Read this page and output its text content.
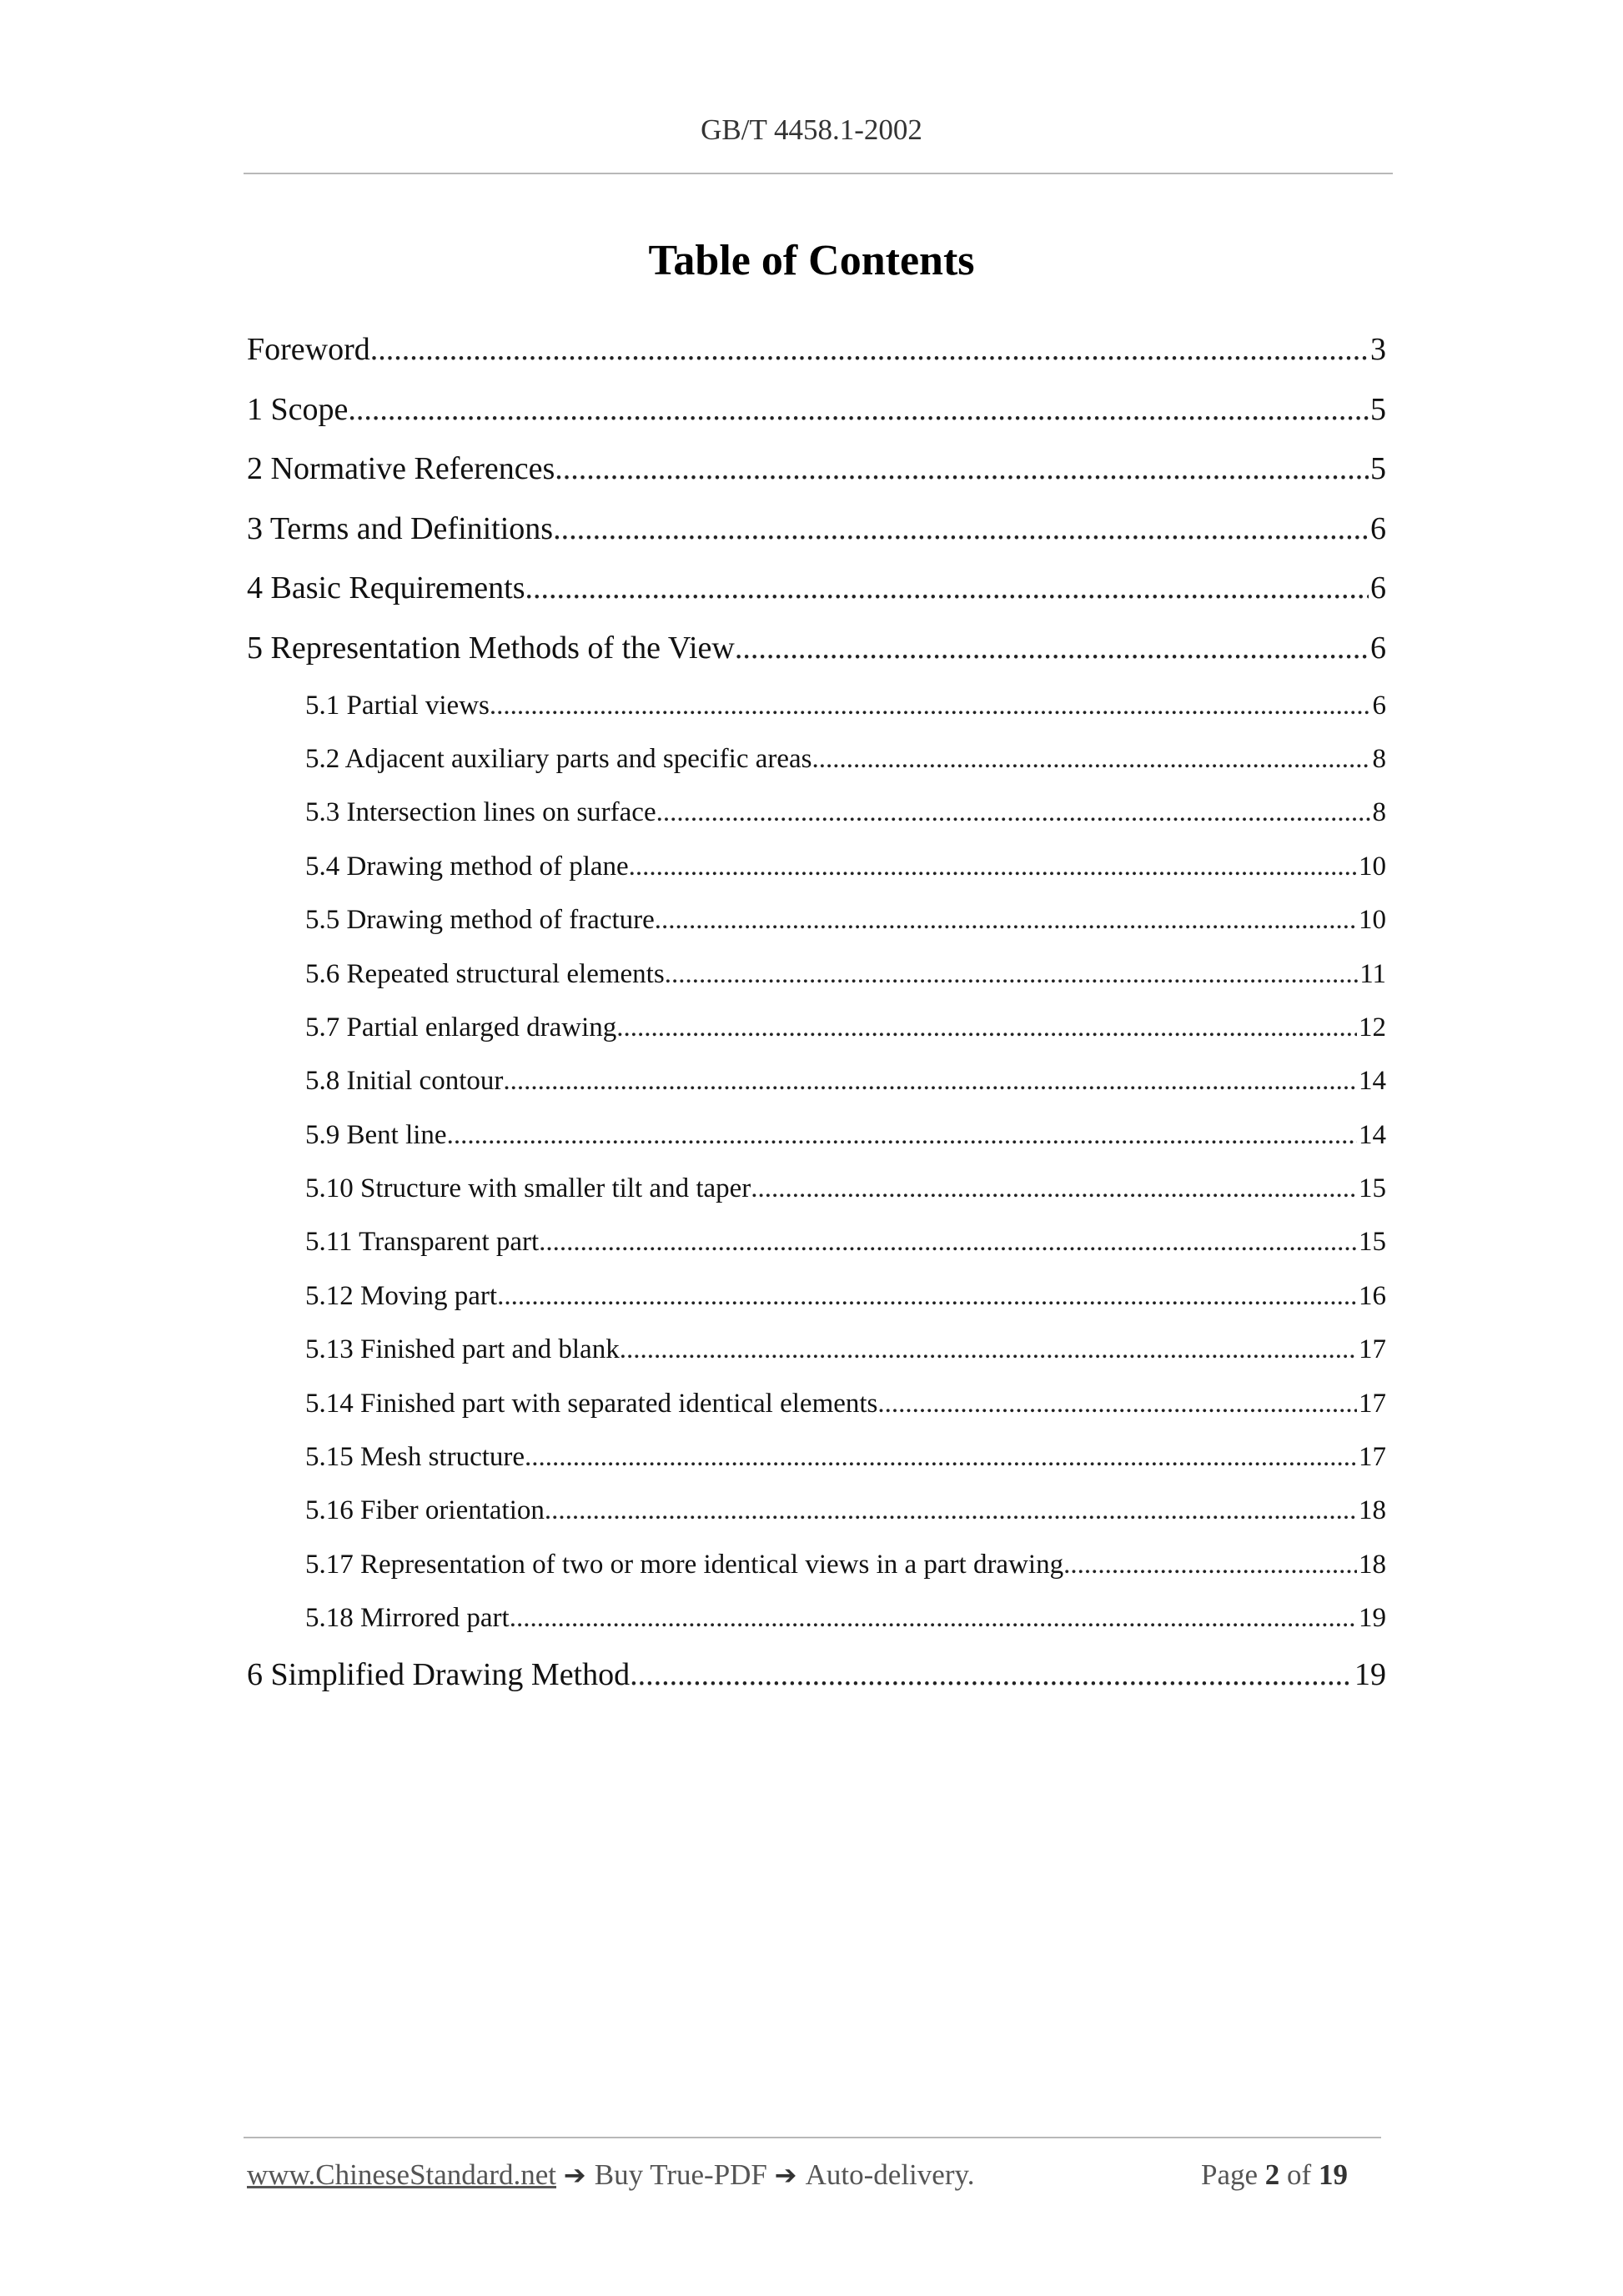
GB/T 4458.1-2002
Table of Contents
Foreword .....	3
1 Scope .....	5
2 Normative References .....	5
3 Terms and Definitions .....	6
4 Basic Requirements .....	6
5 Representation Methods of the View .....	6
5.1 Partial views .....	6
5.2 Adjacent auxiliary parts and specific areas .....	8
5.3 Intersection lines on surface .....	8
5.4 Drawing method of plane .....	10
5.5 Drawing method of fracture .....	10
5.6 Repeated structural elements .....	11
5.7 Partial enlarged drawing .....	12
5.8 Initial contour .....	14
5.9 Bent line .....	14
5.10 Structure with smaller tilt and taper .....	15
5.11 Transparent part .....	15
5.12 Moving part .....	16
5.13 Finished part and blank .....	17
5.14 Finished part with separated identical elements .....	17
5.15 Mesh structure .....	17
5.16 Fiber orientation .....	18
5.17 Representation of two or more identical views in a part drawing .....	18
5.18 Mirrored part .....	19
6 Simplified Drawing Method .....	19
www.ChineseStandard.net ➔ Buy True-PDF ➔ Auto-delivery.	Page 2 of 19
